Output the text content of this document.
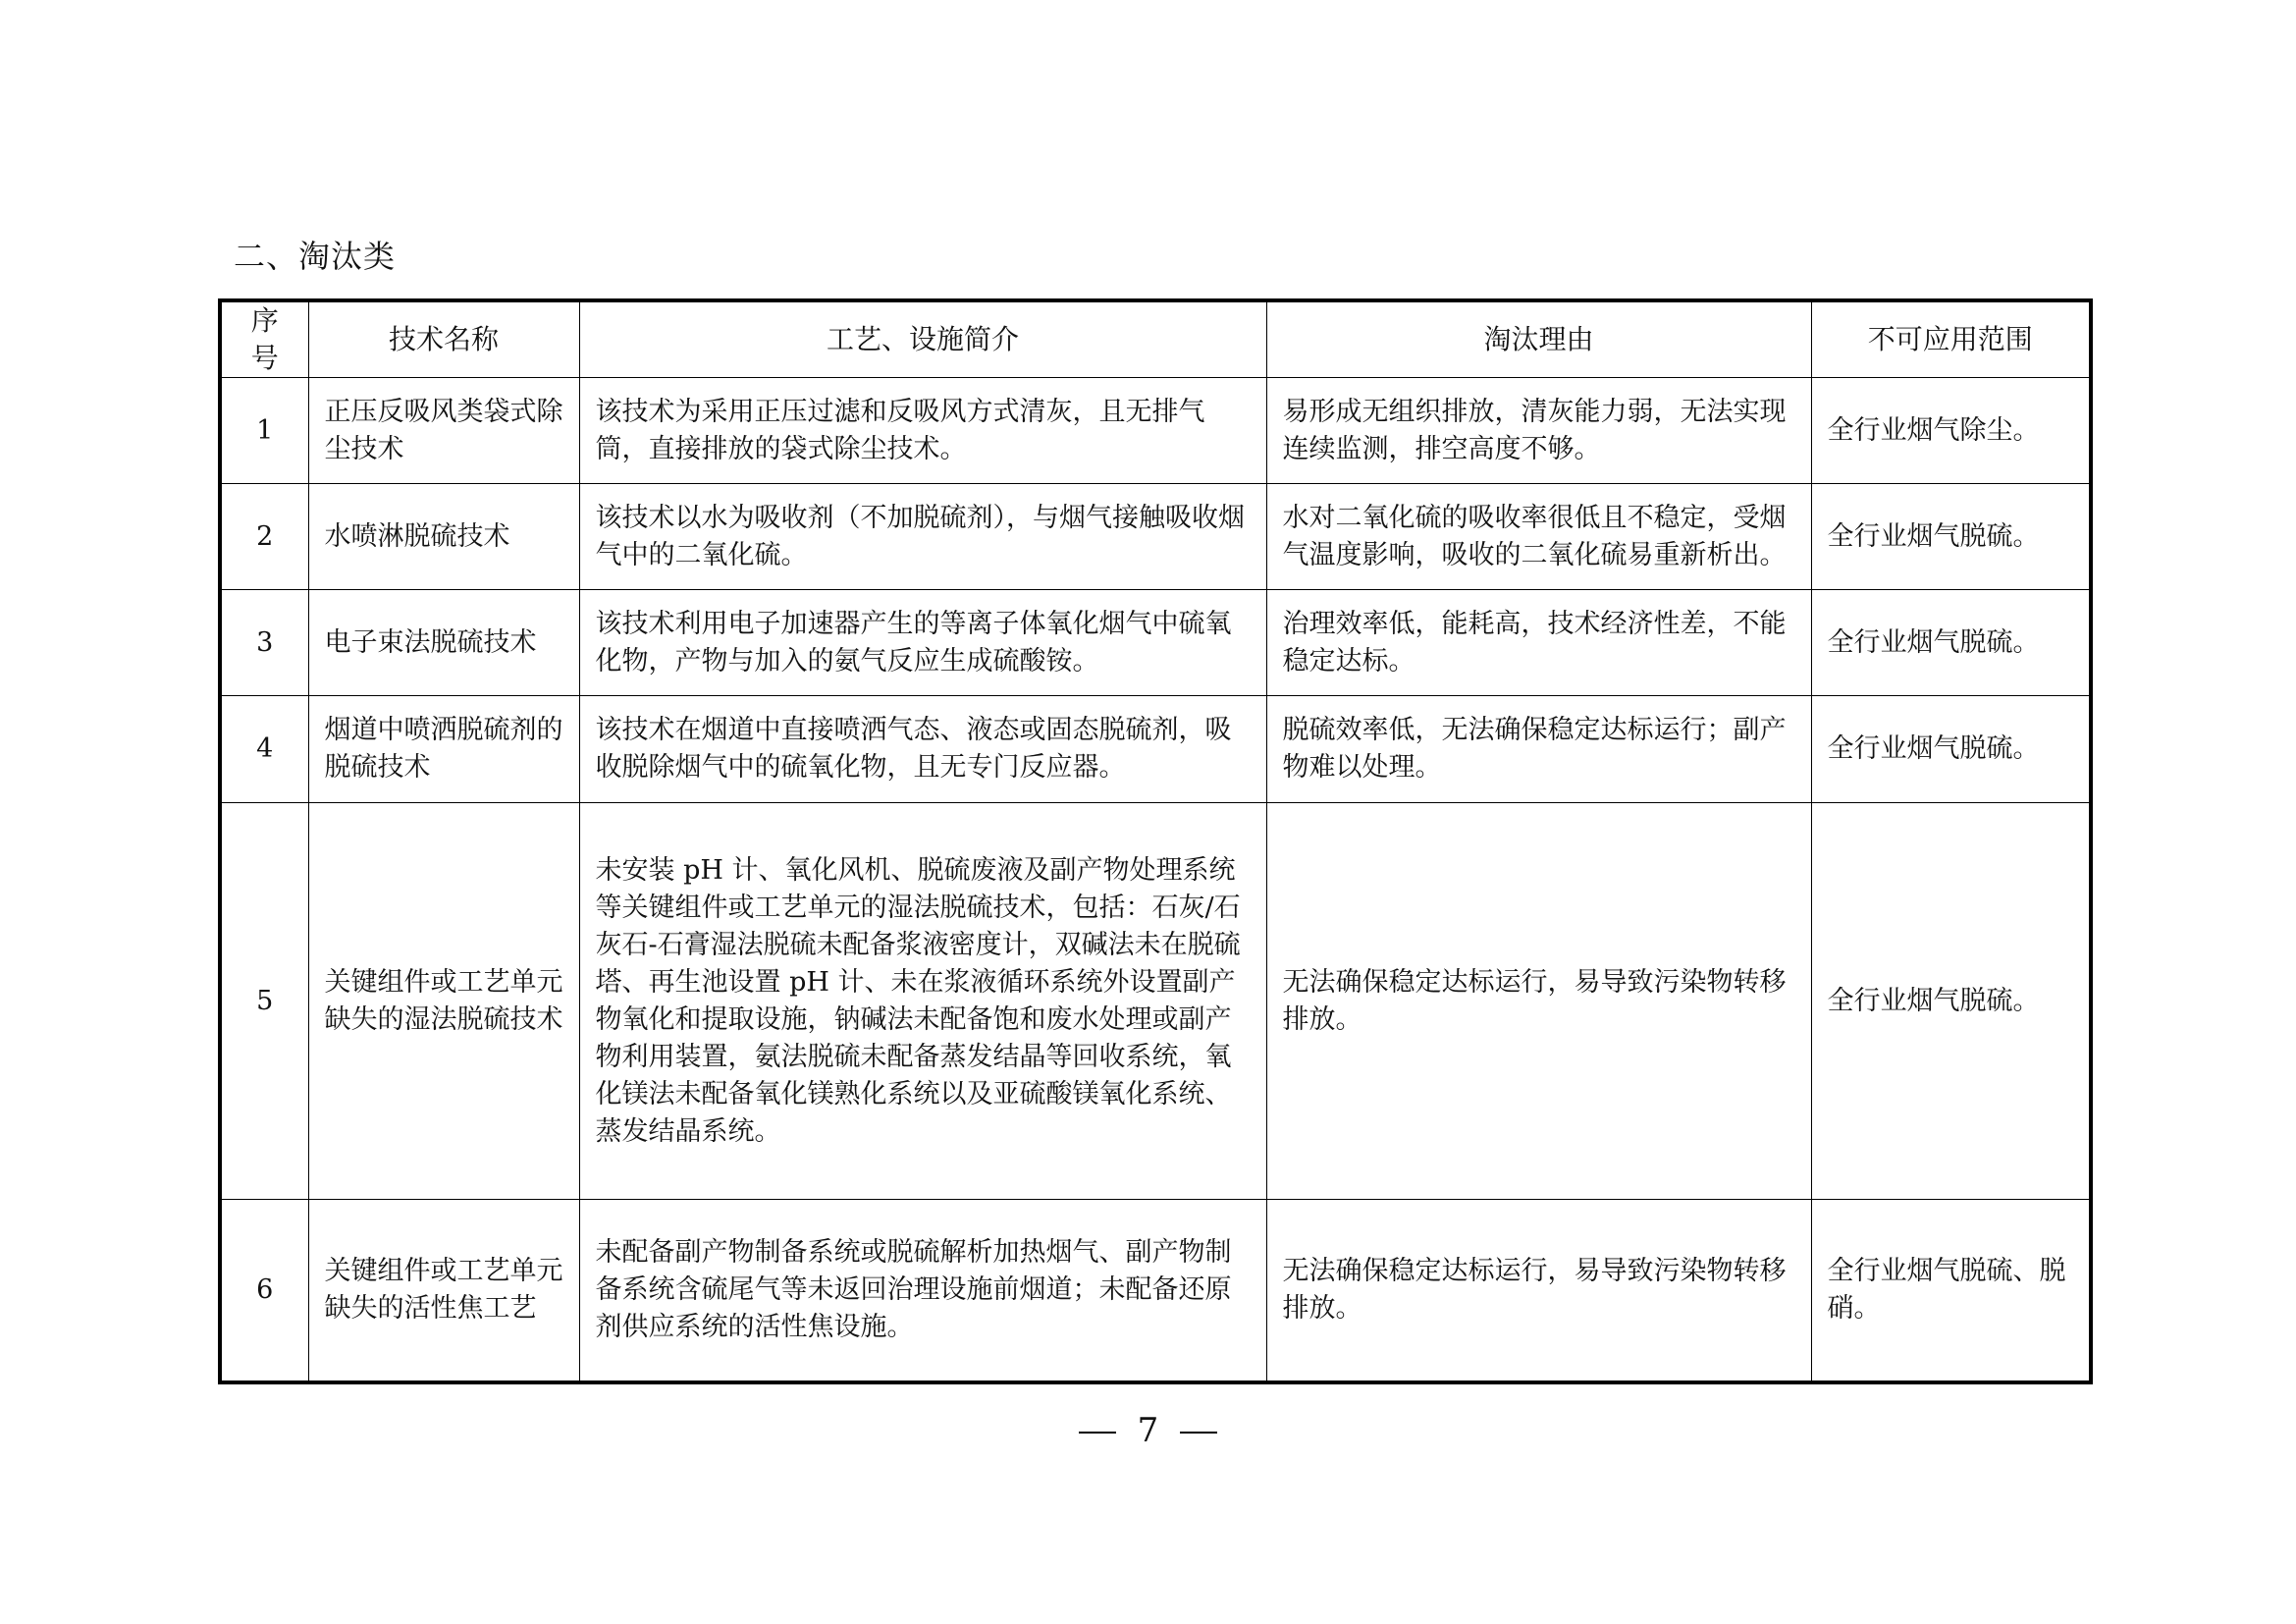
二、淘汰类
序号	技术名称	工艺、设施简介	淘汰理由	不可应用范围
1	正压反吸风类袋式除尘技术	该技术为采用正压过滤和反吸风方式清灰，且无排气筒，直接排放的袋式除尘技术。	易形成无组织排放，清灰能力弱，无法实现连续监测，排空高度不够。	全行业烟气除尘。
2	水喷淋脱硫技术	该技术以水为吸收剂（不加脱硫剂），与烟气接触吸收烟气中的二氧化硫。	水对二氧化硫的吸收率很低且不稳定，受烟气温度影响，吸收的二氧化硫易重新析出。	全行业烟气脱硫。
3	电子束法脱硫技术	该技术利用电子加速器产生的等离子体氧化烟气中硫氧化物，产物与加入的氨气反应生成硫酸铵。	治理效率低，能耗高，技术经济性差，不能稳定达标。	全行业烟气脱硫。
4	烟道中喷洒脱硫剂的脱硫技术	该技术在烟道中直接喷洒气态、液态或固态脱硫剂，吸收脱除烟气中的硫氧化物，且无专门反应器。	脱硫效率低，无法确保稳定达标运行；副产物难以处理。	全行业烟气脱硫。
5	关键组件或工艺单元缺失的湿法脱硫技术	未安装 pH 计、氧化风机、脱硫废液及副产物处理系统等关键组件或工艺单元的湿法脱硫技术，包括：石灰/石灰石-石膏湿法脱硫未配备浆液密度计，双碱法未在脱硫塔、再生池设置 pH 计、未在浆液循环系统外设置副产物氧化和提取设施，钠碱法未配备饱和废水处理或副产物利用装置，氨法脱硫未配备蒸发结晶等回收系统，氧化镁法未配备氧化镁熟化系统以及亚硫酸镁氧化系统、蒸发结晶系统。	无法确保稳定达标运行，易导致污染物转移排放。	全行业烟气脱硫。
6	关键组件或工艺单元缺失的活性焦工艺	未配备副产物制备系统或脱硫解析加热烟气、副产物制备系统含硫尾气等未返回治理设施前烟道；未配备还原剂供应系统的活性焦设施。	无法确保稳定达标运行，易导致污染物转移排放。	全行业烟气脱硫、脱硝。
7
